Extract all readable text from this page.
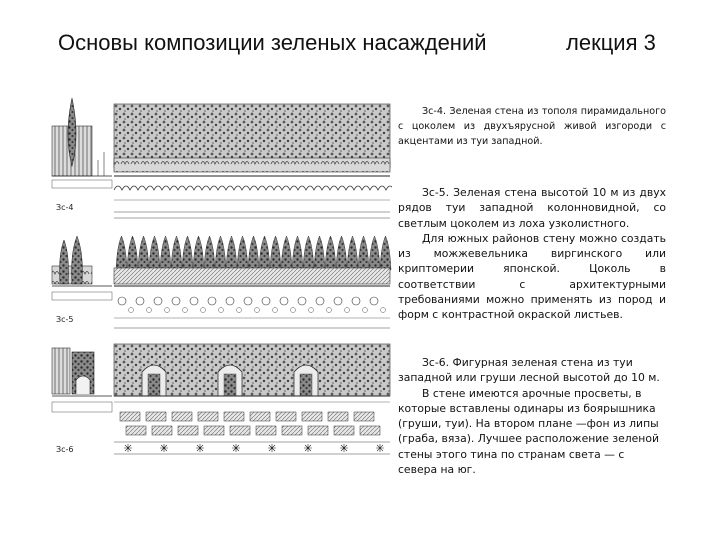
Основы композиции зеленых насаждений	лекция 3
Зс-4
Зс-5
Зс-6

Зс-4. Зеленая стена из тополя пирамидального с цоколем из двухъярусной живой изгороди с акцентами из туи западной.

Зс-5. Зеленая стена высотой 10 м из двух рядов туи западной колонновидной, со светлым цоколем из лоха узколистного.

Для южных районов стену можно создать из можжевельника виргинского или криптомерии японской. Цоколь в соответствии с архитектурными требованиями можно применять из пород и форм с контрастной окраской листьев.

Зс-6. Фигурная зеленая стена из туи западной или груши лесной высотой до 10 м.

В стене имеются арочные просветы, в которые вставлены одинары из боярышника (груши, туи). На втором плане —фон из липы (граба, вяза). Лучшее расположение зеленой стены этого тина по странам света — с севера на юг.
